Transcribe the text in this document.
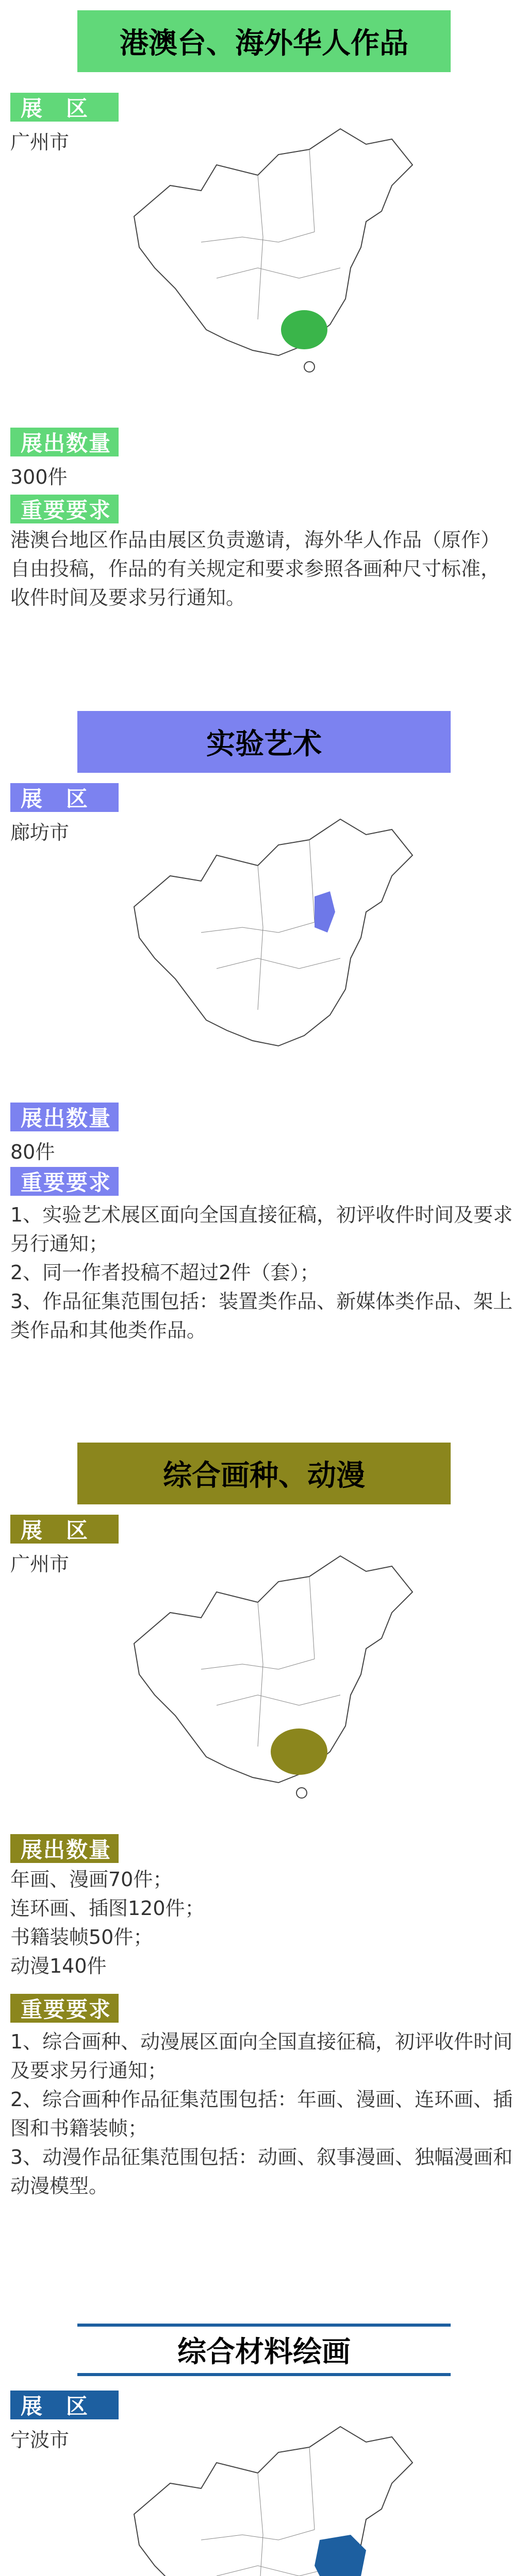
港澳台、海外华人作品
展　区
广州市
展出数量
300件
重要要求
港澳台地区作品由展区负责邀请，海外华人作品（原作）自由投稿，作品的有关规定和要求参照各画种尺寸标准，收件时间及要求另行通知。
实验艺术
展　区
廊坊市
展出数量
80件
重要要求
1、实验艺术展区面向全国直接征稿，初评收件时间及要求另行通知；
2、同一作者投稿不超过2件（套）；
3、作品征集范围包括：装置类作品、新媒体类作品、架上类作品和其他类作品。
综合画种、动漫
展　区
广州市
展出数量
年画、漫画70件；
连环画、插图120件；
书籍装帧50件；
动漫140件
重要要求
1、综合画种、动漫展区面向全国直接征稿，初评收件时间及要求另行通知；
2、综合画种作品征集范围包括：年画、漫画、连环画、插图和书籍装帧；
3、动漫作品征集范围包括：动画、叙事漫画、独幅漫画和动漫模型。
综合材料绘画
展　区
宁波市
